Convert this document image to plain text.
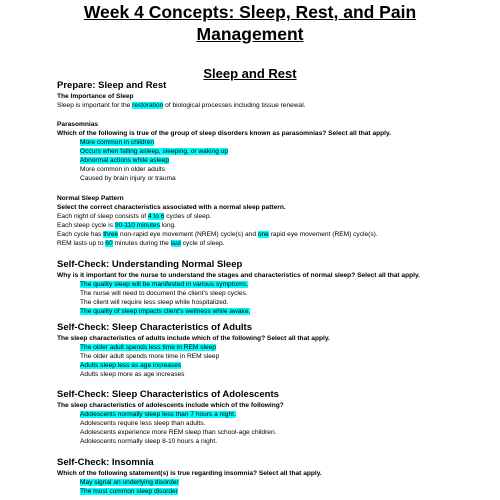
Week 4 Concepts: Sleep, Rest, and Pain
Management
Sleep and Rest

Prepare: Sleep and Rest

The Importance of Sleep

Sleep is important for the restoration of biological processes including tissue renewal.

Parasomnias

Which of the following is true of the group of sleep disorders known as parasomnias? Select all that apply.

More common in children

Occurs when falling asleep, sleeping, or waking up

Abnormal actions while asleep

More common in older adults

Caused by brain injury or trauma

Normal Sleep Pattern

Select the correct characteristics associated with a normal sleep pattern.

Each night of sleep consists of 4 to 6 cycles of sleep.

Each sleep cycle is 90-110 minutes long.

Each cycle has three non-rapid eye movement (NREM) cycle(s) and one rapid eye movement (REM) cycle(s).

REM lasts up to 60 minutes during the last cycle of sleep.

Self-Check: Understanding Normal Sleep

Why is it important for the nurse to understand the stages and characteristics of normal sleep? Select all that apply.

The quality sleep will be manifested in various symptoms.

The nurse will need to document the client's sleep cycles.

The client will require less sleep while hospitalized.

The quality of sleep impacts client's wellness while awake.

Self-Check: Sleep Characteristics of Adults

The sleep characteristics of adults include which of the following? Select all that apply.

The older adult spends less time in REM sleep

The older adult spends more time in REM sleep

Adults sleep less as age increases

Adults sleep more as age increases

Self-Check: Sleep Characteristics of Adolescents

The sleep characteristics of adolescents include which of the following?

Adolescents normally sleep less than 7 hours a night.

Adolescents require less sleep than adults.

Adolescents experience more REM sleep than school-age children.

Adolescents normally sleep 8-10 hours a night.

Self-Check: Insomnia

Which of the following statement(s) is true regarding insomnia? Select all that apply.

May signal an underlying disorder

The most common sleep disorder
